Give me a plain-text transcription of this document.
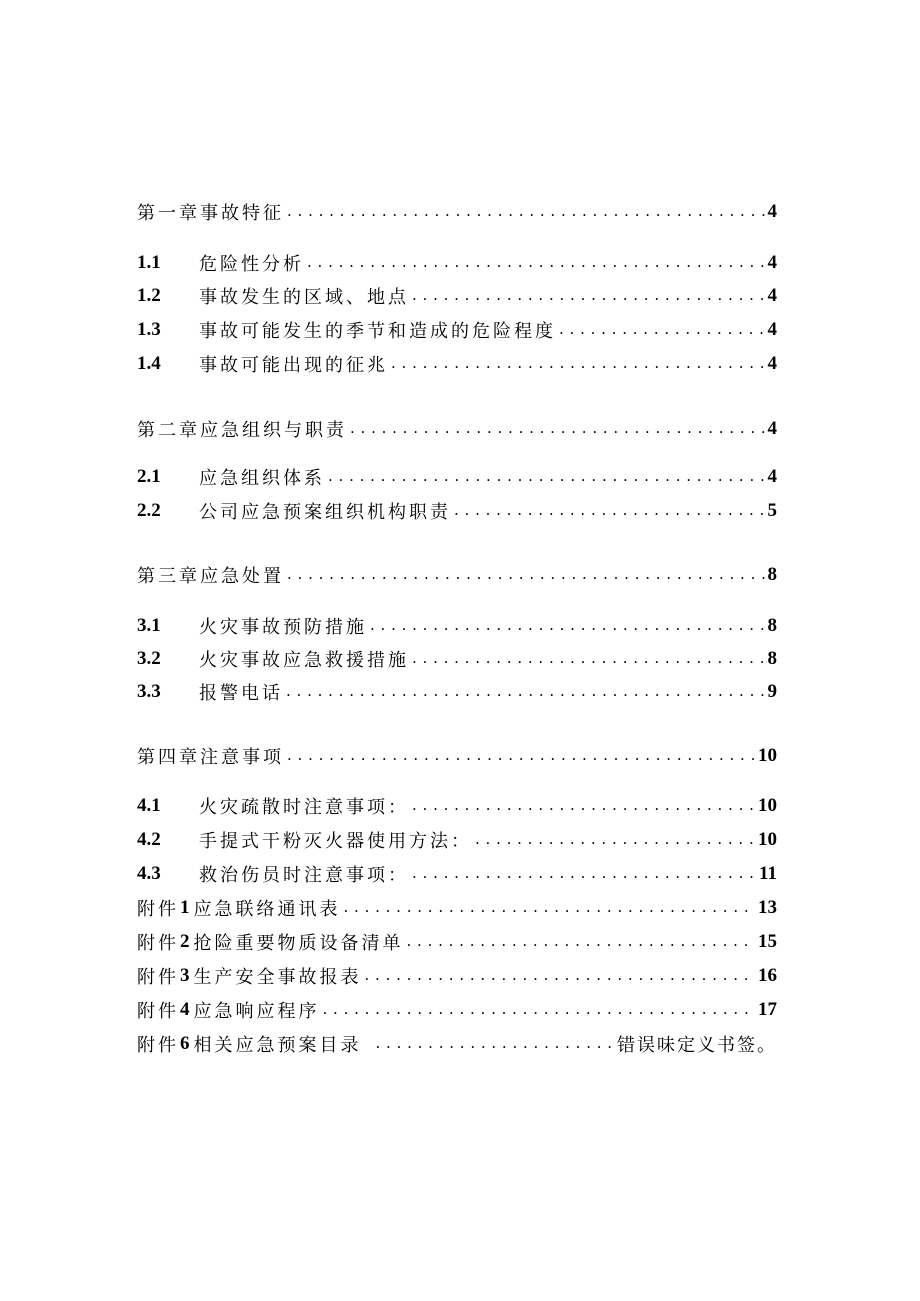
第一章事故特征 . . .	4
1.1	危险性分析 . . .	4
1.2	事故发生的区域、地点 . . .	4
1.3	事故可能发生的季节和造成的危险程度 . . .	4
1.4	事故可能出现的征兆 . . .	4
第二章应急组织与职责 . . .	4
2.1	应急组织体系 . . .	4
2.2	公司应急预案组织机构职责 . . .	5
第三章应急处置 . . .	8
3.1	火灾事故预防措施 . . .	8
3.2	火灾事故应急救援措施 . . .	8
3.3	报警电话 . . .	9
第四章注意事项 . . .	10
4.1	火灾疏散时注意事项： . . .	10
4.2	手提式干粉灭火器使用方法： . . .	10
4.3	救治伤员时注意事项： . . .	11
附件 1 应急联络通讯表 . . .	13
附件 2 抢险重要物质设备清单 . . .	15
附件 3 生产安全事故报表 . . .	16
附件 4 应急响应程序 . . .	17
附件 6 相关应急预案目录 . . .	错误味定义书签。
